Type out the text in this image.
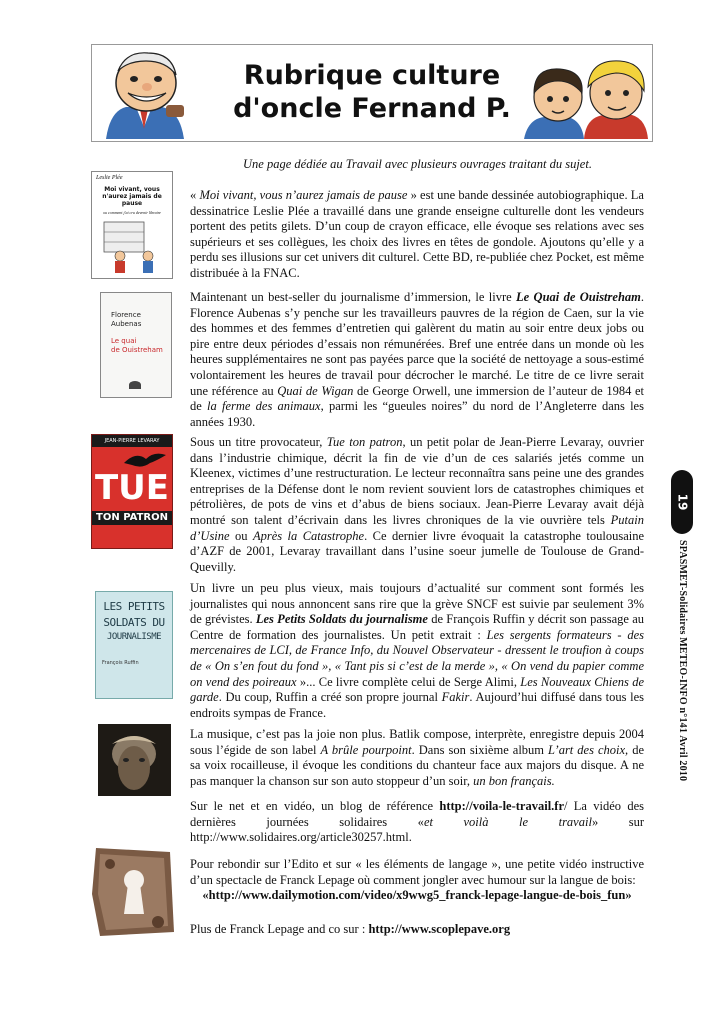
Rubrique culture
d'oncle Fernand P.
Une page dédiée au Travail avec plusieurs ouvrages traitant du sujet.
Leslie Plée
Moi vivant, vous n'aurez jamais de pause
ou comment j'ai cru devenir libraire
Florence
Aubenas
Le quai
de Ouistreham
JEAN-PIERRE LEVARAY
TUE
TON PATRON
LES PETITS
SOLDATS DU
JOURNALISME
François Ruffin
« Moi vivant, vous n’aurez jamais de pause » est une bande dessinée autobiographique. La dessinatrice Leslie Plée a travaillé dans une grande enseigne culturelle dont les vendeurs portent des petits gilets. D’un coup de crayon efficace, elle évoque ses relations avec ses supérieurs et ses collègues, les choix des livres en têtes de gondole. Ajoutons qu’elle y a perdu ses illusions sur cet univers dit culturel. Cette BD, re-publiée chez Pocket, est même distribuée à la FNAC.
Maintenant un best-seller du journalisme d’immersion, le livre Le Quai de Ouistreham. Florence Aubenas s’y penche sur les travailleurs pauvres de la région de Caen, sur la vie des hommes et des femmes d’entretien qui galèrent du matin au soir entre deux jobs ou pire entre deux périodes d’essais non rémunérées. Bref une entrée dans un monde où les heures supplémentaires ne sont pas payées parce que la société de nettoyage a sous-estimé volontairement les heures de travail pour décrocher le marché. Le titre de ce livre serait une référence au Quai de Wigan de George Orwell, une immersion de l’auteur de 1984 et de la ferme des animaux, parmi les “gueules noires” du nord de l’Angleterre dans les années 1930.
Sous un titre provocateur, Tue ton patron, un petit polar de Jean-Pierre Levaray, ouvrier dans l’industrie chimique, décrit la fin de vie d’un de ces salariés jetés comme un Kleenex, victimes d’une restructuration. Le lecteur reconnaîtra sans peine une des grandes entreprises de la Défense dont le nom revient souvient lors de catastrophes chimiques et pétrolières, de pots de vins et d’abus de biens sociaux. Jean-Pierre Levaray avait déjà montré son talent d’écrivain dans les livres chroniques de la vie ouvrière tels Putain d’Usine ou Après la Catastrophe. Ce dernier livre évoquait la catastrophe toulousaine d’AZF de 2001, Levaray travaillant dans l’usine soeur jumelle de Toulouse de Grand-Quevilly.
Un livre un peu plus vieux, mais toujours d’actualité sur comment sont formés les journalistes qui nous annoncent sans rire que la grève SNCF est suivie par seulement 3% de grévistes. Les Petits Soldats du journalisme de François Ruffin y décrit son passage au Centre de formation des journalistes. Un petit extrait : Les sergents formateurs - des mercenaires de LCI, de France Info, du Nouvel Observateur - dressent le troufion à coups de « On s’en fout du fond », « Tant pis si c’est de la merde », « On vend du papier comme on vend des poireaux »... Ce livre complète celui de Serge Alimi, Les Nouveaux Chiens de garde. Du coup, Ruffin a créé son propre journal Fakir. Aujourd’hui diffusé dans tous les endroits sympas de France.
La musique, c’est pas la joie non plus. Batlik compose, interprète, enregistre depuis 2004 sous l’égide de son label A brûle pourpoint. Dans son sixième album L’art des choix, de sa voix rocailleuse, il évoque les conditions du chanteur face aux majors du disque. A ne pas manquer la chanson sur son auto stoppeur d’un soir, un bon français.
Sur le net et en vidéo, un blog de référence http://voila-le-travail.fr/ La vidéo des dernières journées solidaires «et voilà le travail» sur http://www.solidaires.org/article30257.html.
Pour rebondir sur l’Edito et sur « les éléments de langage », une petite vidéo instructive d’un spectacle de Franck Lepage où comment jongler avec humour sur la langue de bois:
«http://www.dailymotion.com/video/x9wwg5_franck-lepage-langue-de-bois_fun»
Plus de Franck Lepage and co sur : http://www.scoplepave.org
19
SPASMET-Solidaires METEO-INFO n°141 Avril 2010
